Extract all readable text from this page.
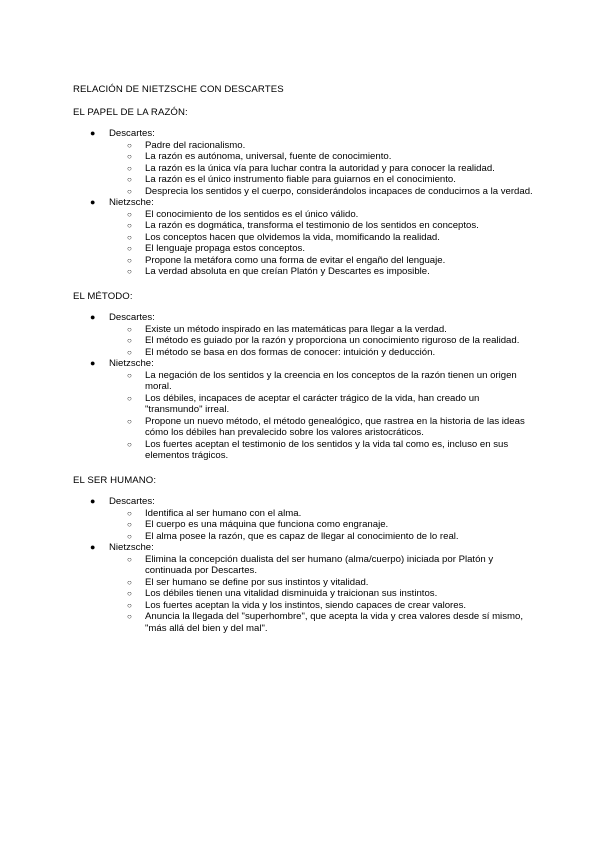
RELACIÓN DE NIETZSCHE CON DESCARTES
EL PAPEL DE LA RAZÓN:
● Descartes:
○ Padre del racionalismo.
○ La razón es autónoma, universal, fuente de conocimiento.
○ La razón es la única vía para luchar contra la autoridad y para conocer la realidad.
○ La razón es el único instrumento fiable para guiarnos en el conocimiento.
○ Desprecia los sentidos y el cuerpo, considerándolos incapaces de conducirnos a la verdad.
● Nietzsche:
○ El conocimiento de los sentidos es el único válido.
○ La razón es dogmática, transforma el testimonio de los sentidos en conceptos.
○ Los conceptos hacen que olvidemos la vida, momificando la realidad.
○ El lenguaje propaga estos conceptos.
○ Propone la metáfora como una forma de evitar el engaño del lenguaje.
○ La verdad absoluta en que creían Platón y Descartes es imposible.
EL MÉTODO:
● Descartes:
○ Existe un método inspirado en las matemáticas para llegar a la verdad.
○ El método es guiado por la razón y proporciona un conocimiento riguroso de la realidad.
○ El método se basa en dos formas de conocer: intuición y deducción.
● Nietzsche:
○ La negación de los sentidos y la creencia en los conceptos de la razón tienen un origen moral.
○ Los débiles, incapaces de aceptar el carácter trágico de la vida, han creado un "transmundo" irreal.
○ Propone un nuevo método, el método genealógico, que rastrea en la historia de las ideas cómo los débiles han prevalecido sobre los valores aristocráticos.
○ Los fuertes aceptan el testimonio de los sentidos y la vida tal como es, incluso en sus elementos trágicos.
EL SER HUMANO:
● Descartes:
○ Identifica al ser humano con el alma.
○ El cuerpo es una máquina que funciona como engranaje.
○ El alma posee la razón, que es capaz de llegar al conocimiento de lo real.
● Nietzsche:
○ Elimina la concepción dualista del ser humano (alma/cuerpo) iniciada por Platón y continuada por Descartes.
○ El ser humano se define por sus instintos y vitalidad.
○ Los débiles tienen una vitalidad disminuida y traicionan sus instintos.
○ Los fuertes aceptan la vida y los instintos, siendo capaces de crear valores.
○ Anuncia la llegada del "superhombre", que acepta la vida y crea valores desde sí mismo, "más allá del bien y del mal".
